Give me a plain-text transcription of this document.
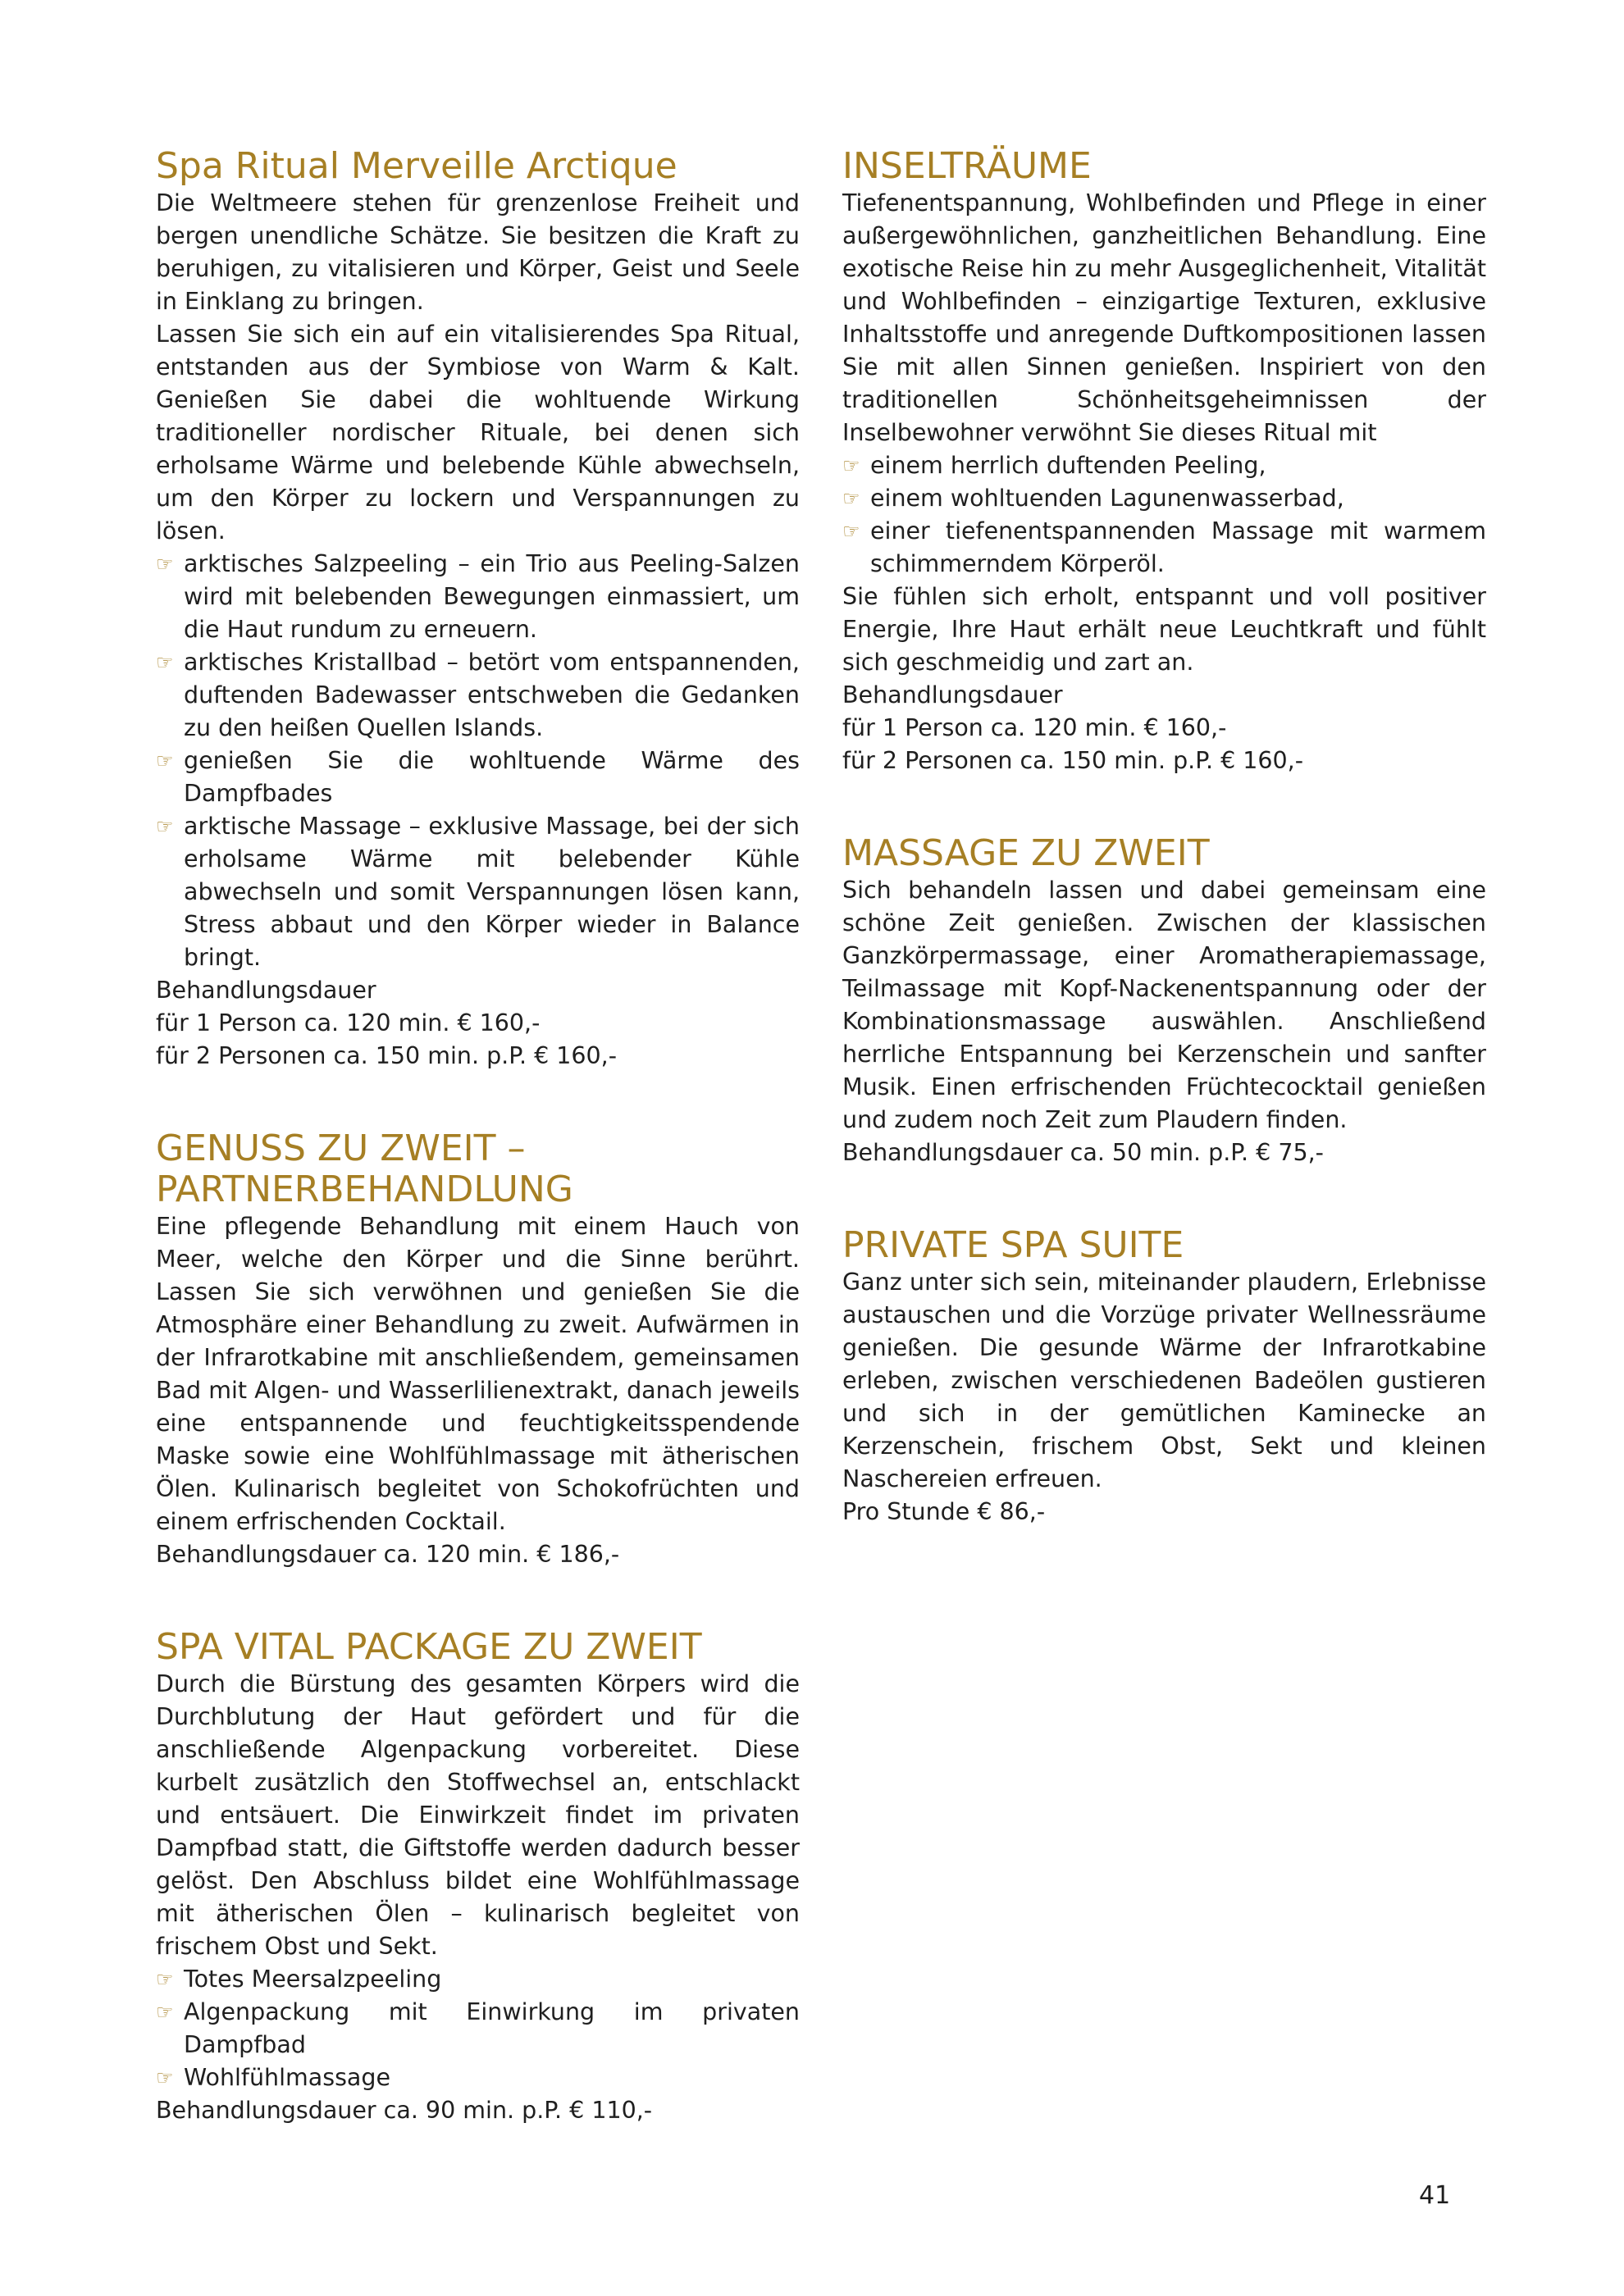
Spa Ritual Merveille Arctique

Die Weltmeere stehen für grenzenlose Freiheit und bergen unendliche Schätze. Sie besitzen die Kraft zu beruhigen, zu vitalisieren und Körper, Geist und Seele in Einklang zu bringen.

Lassen Sie sich ein auf ein vitalisierendes Spa Ritual, entstanden aus der Symbiose von Warm & Kalt. Genießen Sie dabei die wohltuende Wirkung traditioneller nordischer Rituale, bei denen sich erholsame Wärme und belebende Kühle abwechseln, um den Körper zu lockern und Verspannungen zu lösen.

☞ arktisches Salzpeeling – ein Trio aus Peeling-Salzen wird mit belebenden Bewegungen einmassiert, um die Haut rundum zu erneuern.
☞ arktisches Kristallbad – betört vom entspannenden, duftenden Badewasser entschweben die Gedanken zu den heißen Quellen Islands.
☞ genießen Sie die wohltuende Wärme des Dampfbades
☞ arktische Massage – exklusive Massage, bei der sich erholsame Wärme mit belebender Kühle abwechseln und somit Verspannungen lösen kann, Stress abbaut und den Körper wieder in Balance bringt.
Behandlungsdauer
für 1 Person ca. 120 min. € 160,-
für 2 Personen ca. 150 min. p.P. € 160,-
GENUSS ZU ZWEIT – PARTNERBEHANDLUNG

Eine pflegende Behandlung mit einem Hauch von Meer, welche den Körper und die Sinne berührt. Lassen Sie sich verwöhnen und genießen Sie die Atmosphäre einer Behandlung zu zweit. Aufwärmen in der Infrarotkabine mit anschließendem, gemeinsamen Bad mit Algen- und Wasserlilienextrakt, danach jeweils eine entspannende und feuchtigkeitsspendende Maske sowie eine Wohlfühlmassage mit ätherischen Ölen. Kulinarisch begleitet von Schokofrüchten und einem erfrischenden Cocktail.

Behandlungsdauer ca. 120 min. € 186,-
SPA VITAL PACKAGE ZU ZWEIT

Durch die Bürstung des gesamten Körpers wird die Durchblutung der Haut gefördert und für die anschließende Algenpackung vorbereitet. Diese kurbelt zusätzlich den Stoffwechsel an, entschlackt und entsäuert. Die Einwirkzeit findet im privaten Dampfbad statt, die Giftstoffe werden dadurch besser gelöst. Den Abschluss bildet eine Wohlfühlmassage mit ätherischen Ölen – kulinarisch begleitet von frischem Obst und Sekt.

☞ Totes Meersalzpeeling
☞ Algenpackung mit Einwirkung im privaten Dampfbad
☞ Wohlfühlmassage
Behandlungsdauer ca. 90 min. p.P. € 110,-
INSELTRÄUME

Tiefenentspannung, Wohlbefinden und Pflege in einer außergewöhnlichen, ganzheitlichen Behandlung. Eine exotische Reise hin zu mehr Ausgeglichenheit, Vitalität und Wohlbefinden – einzigartige Texturen, exklusive Inhaltsstoffe und anregende Duftkompositionen lassen Sie mit allen Sinnen genießen. Inspiriert von den traditionellen Schönheitsgeheimnissen der Inselbewohner verwöhnt Sie dieses Ritual mit

☞ einem herrlich duftenden Peeling,
☞ einem wohltuenden Lagunenwasserbad,
☞ einer tiefenentspannenden Massage mit warmem schimmerndem Körperöl.

Sie fühlen sich erholt, entspannt und voll positiver Energie, Ihre Haut erhält neue Leuchtkraft und fühlt sich geschmeidig und zart an.

Behandlungsdauer
für 1 Person ca. 120 min. € 160,-
für 2 Personen ca. 150 min. p.P. € 160,-
MASSAGE ZU ZWEIT

Sich behandeln lassen und dabei gemeinsam eine schöne Zeit genießen. Zwischen der klassischen Ganzkörpermassage, einer Aromatherapiemassage, Teilmassage mit Kopf-Nackenentspannung oder der Kombinationsmassage auswählen. Anschließend herrliche Entspannung bei Kerzenschein und sanfter Musik. Einen erfrischenden Früchtecocktail genießen und zudem noch Zeit zum Plaudern finden.

Behandlungsdauer ca. 50 min. p.P. € 75,-
PRIVATE SPA SUITE

Ganz unter sich sein, miteinander plaudern, Erlebnisse austauschen und die Vorzüge privater Wellnessräume genießen. Die gesunde Wärme der Infrarotkabine erleben, zwischen verschiedenen Badeölen gustieren und sich in der gemütlichen Kaminecke an Kerzenschein, frischem Obst, Sekt und kleinen Naschereien erfreuen.

Pro Stunde € 86,-
41
